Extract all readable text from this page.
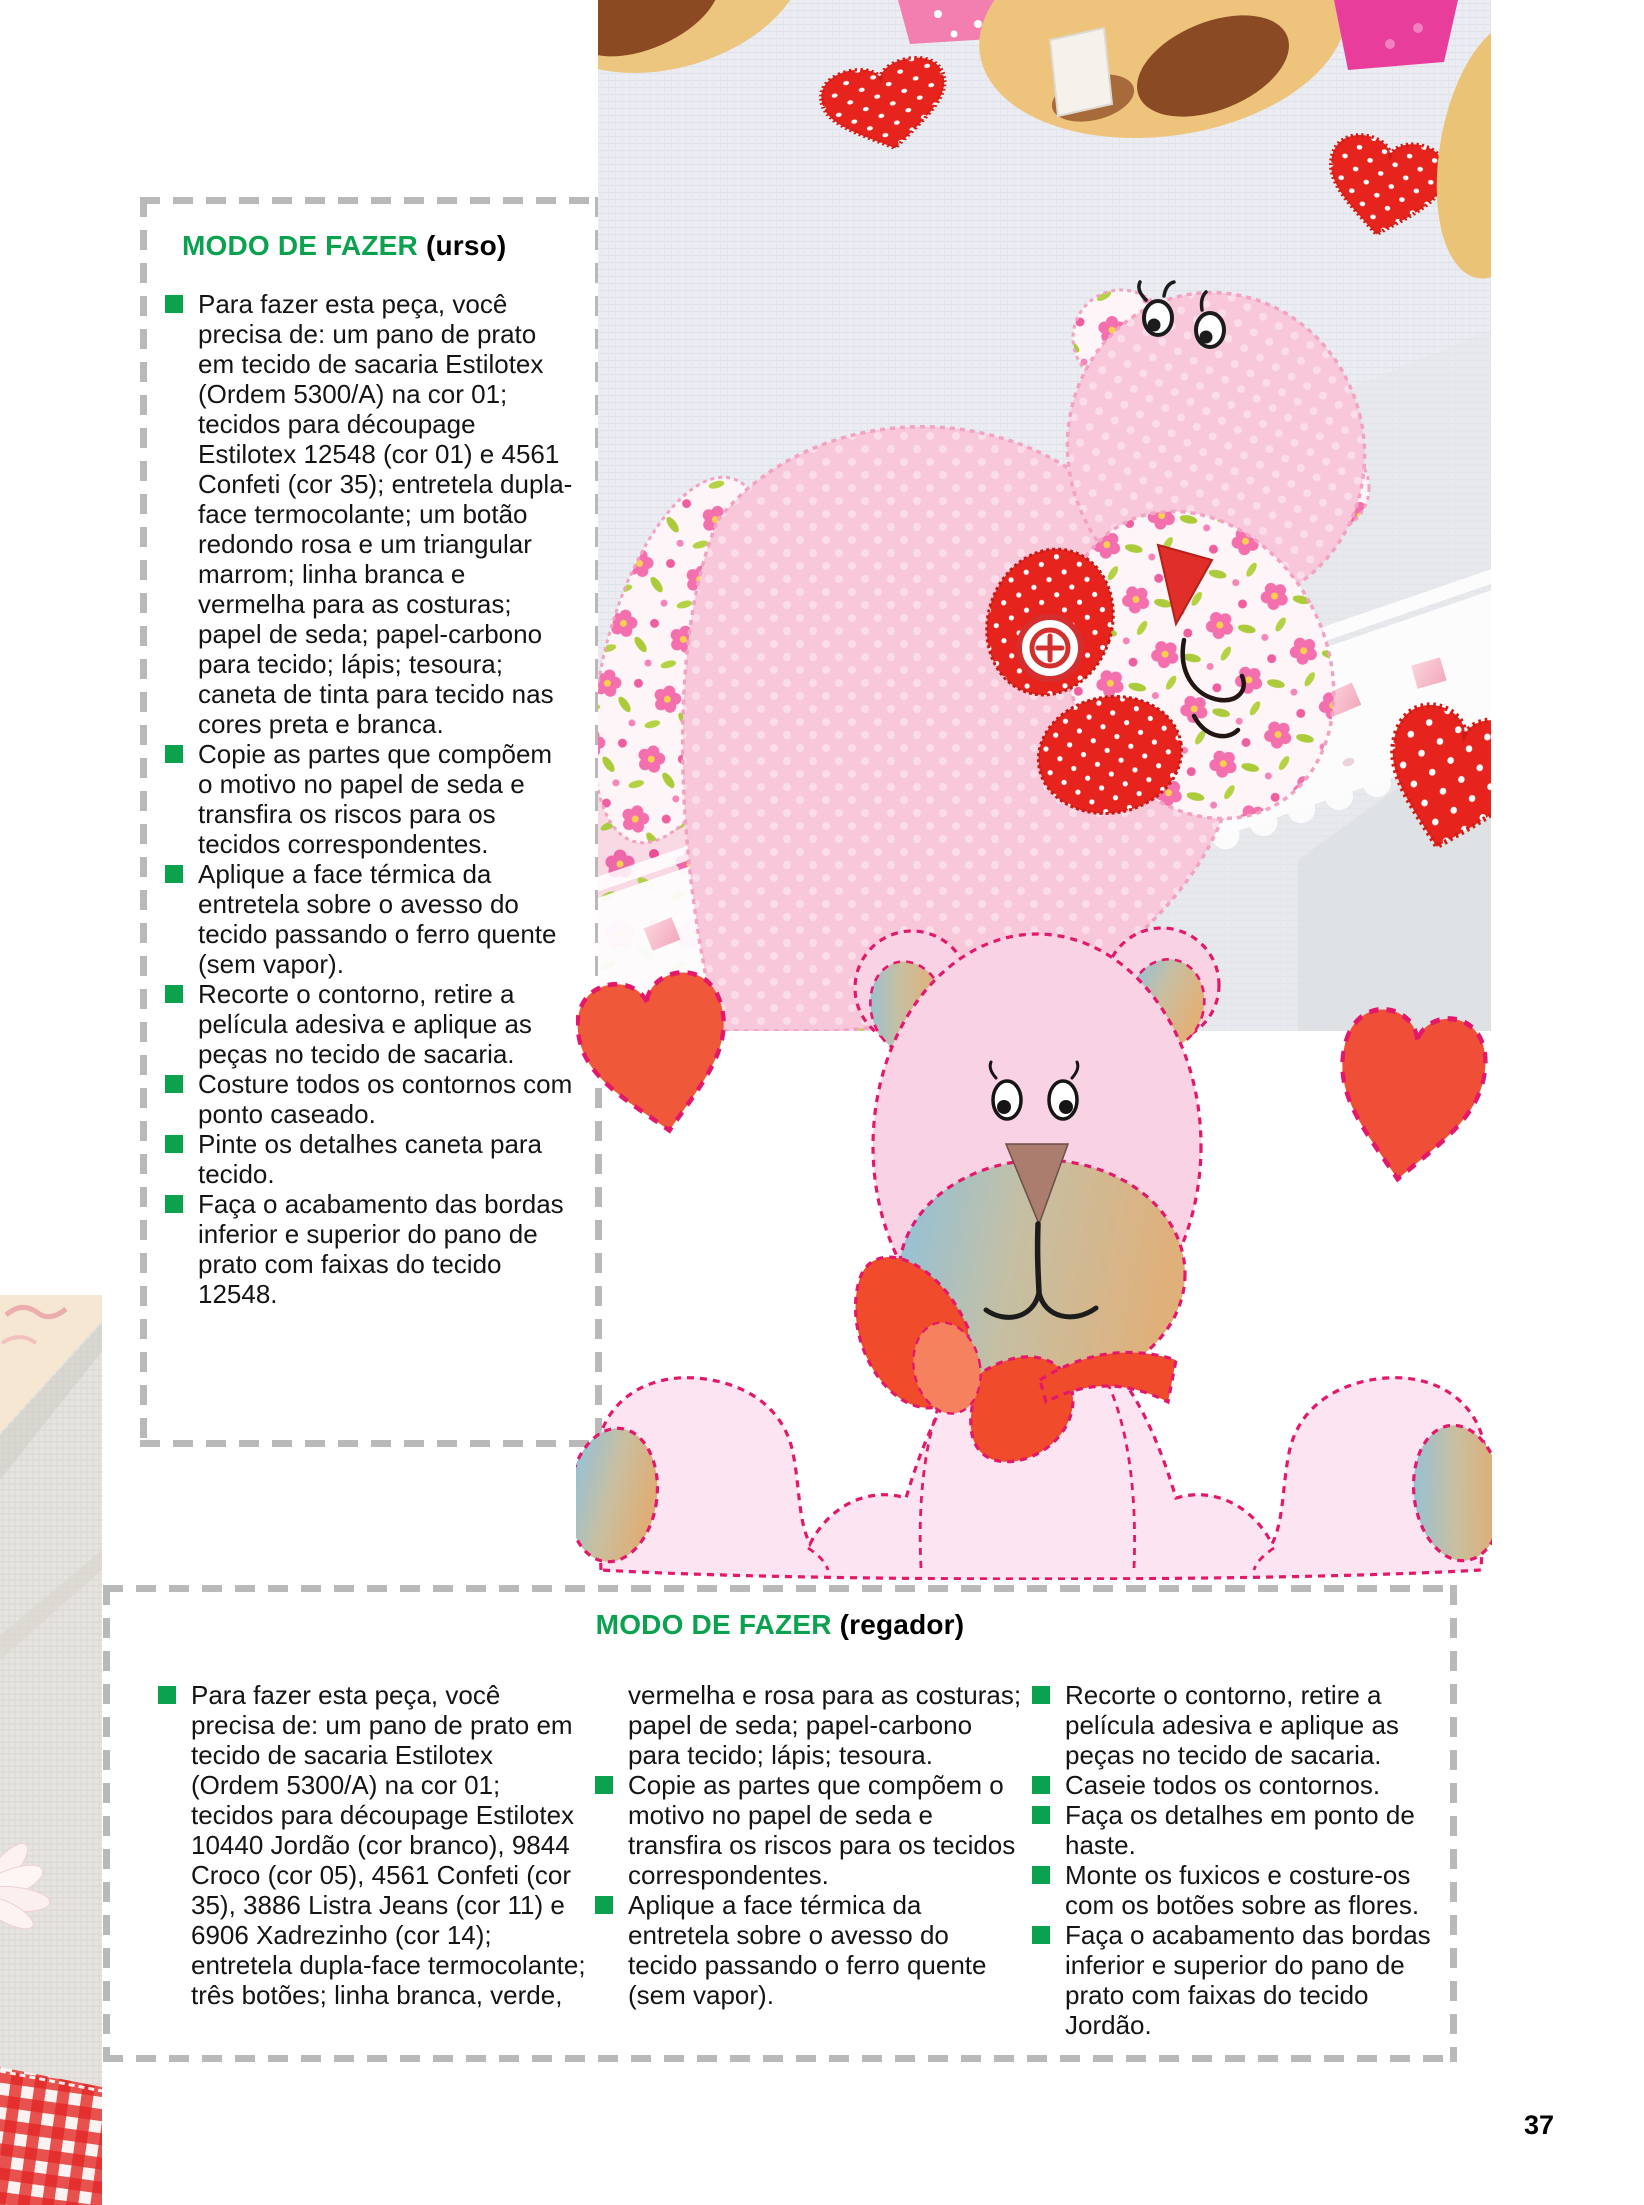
MODO DE FAZER (urso)
Para fazer esta peça, você precisa de: um pano de prato em tecido de sacaria Estilotex (Ordem 5300/A) na cor 01; tecidos para découpage Estilotex 12548 (cor 01) e 4561 Confeti (cor 35); entretela dupla-face termocolante; um botão redondo rosa e um triangular marrom; linha branca e vermelha para as costuras; papel de seda; papel-carbono para tecido; lápis; tesoura; caneta de tinta para tecido nas cores preta e branca.
Copie as partes que compõem o motivo no papel de seda e transfira os riscos para os tecidos correspondentes.
Aplique a face térmica da entretela sobre o avesso do tecido passando o ferro quente (sem vapor).
Recorte o contorno, retire a película adesiva e aplique as peças no tecido de sacaria.
Costure todos os contornos com ponto caseado.
Pinte os detalhes caneta para tecido.
Faça o acabamento das bordas inferior e superior do pano de prato com faixas do tecido 12548.
MODO DE FAZER (regador)
Para fazer esta peça, você precisa de: um pano de prato em tecido de sacaria Estilotex (Ordem 5300/A) na cor 01; tecidos para découpage Estilotex 10440 Jordão (cor branco), 9844 Croco (cor 05), 4561 Confeti (cor 35), 3886 Listra Jeans (cor 11) e 6906 Xadrezinho (cor 14); entretela dupla-face termocolante; três botões; linha branca, verde,
vermelha e rosa para as costuras; papel de seda; papel-carbono para tecido; lápis; tesoura.
Copie as partes que compõem o motivo no papel de seda e transfira os riscos para os tecidos correspondentes.
Aplique a face térmica da entretela sobre o avesso do tecido passando o ferro quente (sem vapor).
Recorte o contorno, retire a película adesiva e aplique as peças no tecido de sacaria.
Caseie todos os contornos.
Faça os detalhes em ponto de haste.
Monte os fuxicos e costure-os com os botões sobre as flores.
Faça o acabamento das bordas inferior e superior do pano de prato com faixas do tecido Jordão.
37
